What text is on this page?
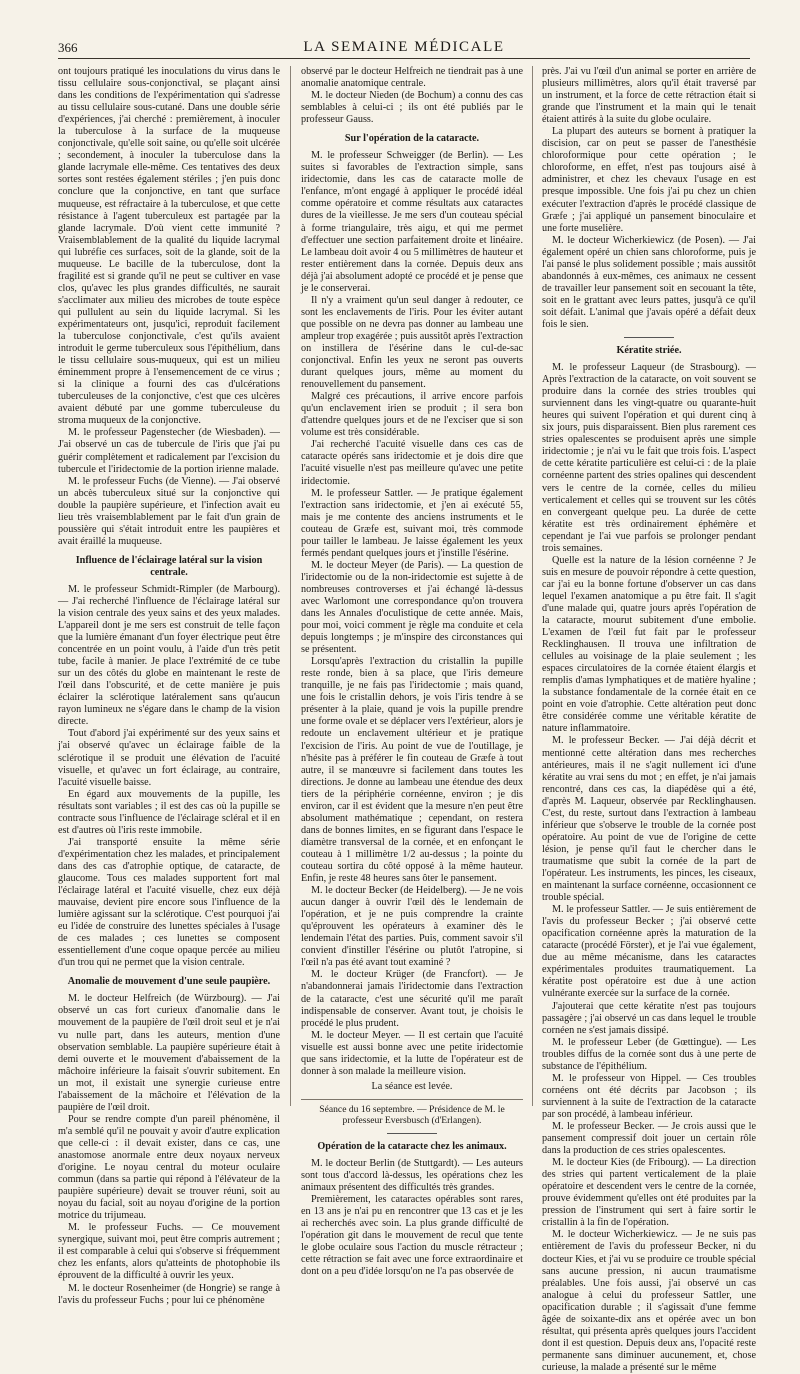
366	LA SEMAINE MÉDICALE

ont toujours pratiqué les inoculations du virus dans le tissu cellulaire sous-conjonctival, se plaçant ainsi dans les conditions de l'expérimentation qui s'adresse au tissu cellulaire sous-cutané. Dans une double série d'expériences, j'ai cherché : premièrement, à inoculer la tuberculose à la surface de la muqueuse conjonctivale, qu'elle soit saine, ou qu'elle soit ulcérée ; secondement, à inoculer la tuberculose dans la glande lacrymale elle-même. Ces tentatives des deux sortes sont restées également stériles ; j'en puis donc conclure que la conjonctive, en tant que surface muqueuse, est réfractaire à la tuberculose, et que cette résistance à l'agent tuberculeux est partagée par la glande lacrymale. D'où vient cette immunité ? Vraisemblablement de la qualité du liquide lacrymal qui lubréfie ces surfaces, soit de la glande, soit de la muqueuse. Le bacille de la tuberculose, dont la fragilité est si grande qu'il ne peut se cultiver en vase clos, qu'avec les plus grandes difficultés, ne saurait s'acclimater aux milieu des microbes de toute espèce qui pullulent au sein du liquide lacrymal. Si les expérimentateurs ont, jusqu'ici, reproduit facilement la tuberculose conjonctivale, c'est qu'ils avaient introduit le germe tuberculeux sous l'épithélium, dans le tissu cellulaire sous-muqueux, qui est un milieu éminemment propre à l'ensemencement de ce virus ; si la clinique a fourni des cas d'ulcérations tuberculeuses de la conjonctive, c'est que ces ulcères avaient débuté par une gomme tuberculeuse du stroma muqueux de la conjonctive.

M. le professeur Pagenstecher (de Wiesbaden). — J'ai observé un cas de tubercule de l'iris que j'ai pu guérir complètement et radicalement par l'excision du tubercule et l'iridectomie de la portion irienne malade.

M. le professeur Fuchs (de Vienne). — J'ai observé un abcès tuberculeux situé sur la conjonctive qui double la paupière supérieure, et l'infection avait eu lieu très vraisemblablement par le fait d'un grain de poussière qui s'était introduit entre les paupières et avait éraillé la muqueuse.

Influence de l'éclairage latéral sur la vision centrale.

M. le professeur Schmidt-Rimpler (de Marbourg). — J'ai recherché l'influence de l'éclairage latéral sur la vision centrale des yeux sains et des yeux malades. L'appareil dont je me sers est construit de telle façon que la lumière émanant d'un foyer électrique peut être concentrée en un point voulu, à l'aide d'un très petit tube, facile à manier. Je place l'extrémité de ce tube sur un des côtés du globe en maintenant le reste de l'œil dans l'obscurité, et de cette manière je puis éclairer la sclérotique latéralement sans qu'aucun rayon lumineux ne s'égare dans le champ de la vision directe.

Tout d'abord j'ai expérimenté sur des yeux sains et j'ai observé qu'avec un éclairage faible de la sclérotique il se produit une élévation de l'acuité visuelle, et qu'avec un fort éclairage, au contraire, l'acuité visuelle baisse.

En égard aux mouvements de la pupille, les résultats sont variables ; il est des cas où la pupille se contracte sous l'influence de l'éclairage scléral et il en est d'autres où l'iris reste immobile.

J'ai transporté ensuite la même série d'expérimentation chez les malades, et principalement dans des cas d'atrophie optique, de cataracte, de glaucome. Tous ces malades supportent fort mal l'éclairage latéral et l'acuité visuelle, chez eux déjà mauvaise, devient pire encore sous l'influence de la lumière agissant sur la sclérotique. C'est pourquoi j'ai eu l'idée de construire des lunettes spéciales à l'usage de ces malades ; ces lunettes se composent essentiellement d'une coque opaque percée au milieu d'un trou qui ne permet que la vision centrale.

Anomalie de mouvement d'une seule paupière.

M. le docteur Helfreich (de Würzbourg). — J'ai observé un cas fort curieux d'anomalie dans le mouvement de la paupière de l'œil droit seul et je n'ai vu nulle part, dans les auteurs, mention d'une observation semblable. La paupière supérieure était à demi ouverte et le mouvement d'abaissement de la mâchoire inférieure la faisait s'ouvrir subitement. En un mot, il existait une synergie curieuse entre l'abaissement de la mâchoire et l'élévation de la paupière de l'œil droit.

Pour se rendre compte d'un pareil phénomène, il m'a semblé qu'il ne pouvait y avoir d'autre explication que celle-ci : il devait exister, dans ce cas, une anastomose anormale entre deux noyaux nerveux d'origine. Le noyau central du moteur oculaire commun (dans sa partie qui répond à l'élévateur de la paupière supérieure) devait se trouver réuni, soit au noyau du facial, soit au noyau d'origine de la portion motrice du trijumeau.

M. le professeur Fuchs. — Ce mouvement synergique, suivant moi, peut être compris autrement ; il est comparable à celui qui s'observe si fréquemment chez les enfants, alors qu'atteints de photophobie ils éprouvent de la difficulté à ouvrir les yeux.

M. le docteur Rosenheimer (de Hongrie) se range à l'avis du professeur Fuchs ; pour lui ce phénomène

observé par le docteur Helfreich ne tiendrait pas à une anomalie anatomique centrale.

M. le docteur Nieden (de Bochum) a connu des cas semblables à celui-ci ; ils ont été publiés par le professeur Gauss.

Sur l'opération de la cataracte.

M. le professeur Schweigger (de Berlin). — Les suites si favorables de l'extraction simple, sans iridectomie, dans les cas de cataracte molle de l'enfance, m'ont engagé à appliquer le procédé idéal comme opératoire et comme résultats aux cataractes dures de la vieillesse. Je me sers d'un couteau spécial à forme triangulaire, très aigu, et qui me permet d'effectuer une section parfaitement droite et linéaire. Le lambeau doit avoir 4 ou 5 millimètres de hauteur et rester entièrement dans la cornée. Depuis deux ans déjà j'ai absolument adopté ce procédé et je pense que je le conserverai.

Il n'y a vraiment qu'un seul danger à redouter, ce sont les enclavements de l'iris. Pour les éviter autant que possible on ne devra pas donner au lambeau une ampleur trop exagérée ; puis aussitôt après l'extraction on instillera de l'ésérine dans le cul-de-sac conjonctival. Enfin les yeux ne seront pas ouverts durant quelques jours, même au moment du renouvellement du pansement.

Malgré ces précautions, il arrive encore parfois qu'un enclavement irien se produit ; il sera bon d'attendre quelques jours et de ne l'exciser que si son volume est très considérable.

J'ai recherché l'acuité visuelle dans ces cas de cataracte opérés sans iridectomie et je dois dire que l'acuité visuelle n'est pas meilleure qu'avec une petite iridectomie.

M. le professeur Sattler. — Je pratique également l'extraction sans iridectomie, et j'en ai exécuté 55, mais je me contente des anciens instruments et le couteau de Græfe est, suivant moi, très commode pour tailler le lambeau. Je laisse également les yeux fermés pendant quelques jours et j'instille l'ésérine.

M. le docteur Meyer (de Paris). — La question de l'iridectomie ou de la non-iridectomie est sujette à de nombreuses controverses et j'ai échangé là-dessus avec Warlomont une correspondance qu'on trouvera dans les Annales d'oculistique de cette année. Mais, pour moi, voici comment je règle ma conduite et cela depuis longtemps ; je m'inspire des circonstances qui se présentent.

Lorsqu'après l'extraction du cristallin la pupille reste ronde, bien à sa place, que l'iris demeure tranquille, je ne fais pas l'iridectomie ; mais quand, une fois le cristallin dehors, je vois l'iris tendre à se présenter à la plaie, quand je vois la pupille prendre une forme ovale et se déplacer vers l'extérieur, alors je redoute un enclavement ultérieur et je pratique l'excision de l'iris. Au point de vue de l'outillage, je n'hésite pas à préférer le fin couteau de Græfe à tout autre, il se manœuvre si facilement dans toutes les directions. Je donne au lambeau une étendue des deux tiers de la périphérie cornéenne, environ ; je dis environ, car il est évident que la mesure n'en peut être absolument mathématique ; cependant, on restera dans de bonnes limites, en se figurant dans l'espace le diamètre transversal de la cornée, et en enfonçant le couteau à 1 millimètre 1/2 au-dessus ; la pointe du couteau sortira du côté opposé à la même hauteur. Enfin, je reste 48 heures sans ôter le pansement.

M. le docteur Becker (de Heidelberg). — Je ne vois aucun danger à ouvrir l'œil dès le lendemain de l'opération, et je ne puis comprendre la crainte qu'éprouvent les opérateurs à examiner dès le lendemain l'état des parties. Puis, comment savoir s'il convient d'instiller l'ésérine ou plutôt l'atropine, si l'œil n'a pas été avant tout examiné ?

M. le docteur Krüger (de Francfort). — Je n'abandonnerai jamais l'iridectomie dans l'extraction de la cataracte, c'est une sécurité qu'il me paraît indispensable de conserver. Avant tout, je choisis le procédé le plus prudent.

M. le docteur Meyer. — Il est certain que l'acuité visuelle est aussi bonne avec une petite iridectomie que sans iridectomie, et la lutte de l'opérateur est de donner à son malade la meilleure vision.

La séance est levée.

Séance du 16 septembre. — Présidence de M. le professeur Eversbusch (d'Erlangen).
Opération de la cataracte chez les animaux.

M. le docteur Berlin (de Stuttgardt). — Les auteurs sont tous d'accord là-dessus, les opérations chez les animaux présentent des difficultés très grandes.

Premièrement, les cataractes opérables sont rares, en 13 ans je n'ai pu en rencontrer que 13 cas et je les ai recherchés avec soin. La plus grande difficulté de l'opération git dans le mouvement de recul que tente le globe oculaire sous l'action du muscle rétracteur ; cette rétraction se fait avec une force extraordinaire et dont on a peu d'idée lorsqu'on ne l'a pas observée de

près. J'ai vu l'œil d'un animal se porter en arrière de plusieurs millimètres, alors qu'il était traversé par un instrument, et la force de cette rétraction était si grande que l'instrument et la main qui le tenait étaient attirés à la suite du globe oculaire.

La plupart des auteurs se bornent à pratiquer la discision, car on peut se passer de l'anesthésie chloroformique pour cette opération ; le chloroforme, en effet, n'est pas toujours aisé à administrer, et chez les chevaux l'usage en est presque impossible. Une fois j'ai pu chez un chien exécuter l'extraction d'après le procédé classique de Græfe ; j'ai appliqué un pansement binoculaire et une forte muselière.

M. le docteur Wicherkiewicz (de Posen). — J'ai également opéré un chien sans chloroforme, puis je l'ai pansé le plus solidement possible ; mais aussitôt abandonnés à eux-mêmes, ces animaux ne cessent de travailler leur pansement soit en secouant la tête, soit en le grattant avec leurs pattes, jusqu'à ce qu'il soit défait. L'animal que j'avais opéré a défait deux fois le sien.

Kératite striée.

M. le professeur Laqueur (de Strasbourg). — Après l'extraction de la cataracte, on voit souvent se produire dans la cornée des stries troubles qui surviennent dans les vingt-quatre ou quarante-huit heures qui suivent l'opération et qui durent cinq à six jours, puis disparaissent. Bien plus rarement ces stries opalescentes se produisent après une simple iridectomie ; je n'ai vu le fait que trois fois. L'aspect de cette kératite particulière est celui-ci : de la plaie cornéenne partent des stries opalines qui descendent vers le centre de la cornée, celles du milieu verticalement et celles qui se trouvent sur les côtés en convergeant quelque peu. La durée de cette kératite est très ordinairement éphémère et cependant je l'ai vue parfois se prolonger pendant trois semaines.

Quelle est la nature de la lésion cornéenne ? Je suis en mesure de pouvoir répondre à cette question, car j'ai eu la bonne fortune d'observer un cas dans lequel l'examen anatomique a pu être fait. Il s'agit d'une malade qui, quatre jours après l'opération de la cataracte, mourut subitement d'une embolie. L'examen de l'œil fut fait par le professeur Recklinghausen. Il trouva une infiltration de cellules au voisinage de la plaie seulement ; les espaces circulatoires de la cornée étaient élargis et remplis d'amas lymphatiques et de matière hyaline ; la substance fondamentale de la cornée était en ce point en voie d'atrophie. Cette altération peut donc être considérée comme une véritable kératite de nature inflammatoire.

M. le professeur Becker. — J'ai déjà décrit et mentionné cette altération dans mes recherches antérieures, mais il ne s'agit nullement ici d'une kératite au vrai sens du mot ; en effet, je n'ai jamais rencontré, dans ces cas, la diapédèse qui a été, d'après M. Laqueur, observée par Recklinghausen. C'est, du reste, surtout dans l'extraction à lambeau inférieur que s'observe le trouble de la cornée post opératoire. Au point de vue de l'origine de cette lésion, je pense qu'il faut le chercher dans le traumatisme que subit la cornée de la part de l'opérateur. Les instruments, les pinces, les ciseaux, en maintenant la surface cornéenne, occasionnent ce trouble spécial.

M. le professeur Sattler. — Je suis entièrement de l'avis du professeur Becker ; j'ai observé cette opacification cornéenne après la maturation de la cataracte (procédé Förster), et je l'ai vue également, due au même mécanisme, dans les cataractes expérimentales produites traumatiquement. La kératite post opératoire est due à une action vulnérante exercée sur la surface de la cornée.

J'ajouterai que cette kératite n'est pas toujours passagère ; j'ai observé un cas dans lequel le trouble cornéen ne s'est jamais dissipé.

M. le professeur Leber (de Gœttingue). — Les troubles diffus de la cornée sont dus à une perte de substance de l'épithélium.

M. le professeur von Hippel. — Ces troubles cornéens ont été décrits par Jacobson ; ils surviennent à la suite de l'extraction de la cataracte par son procédé, à lambeau inférieur.

M. le professeur Becker. — Je crois aussi que le pansement compressif doit jouer un certain rôle dans la production de ces stries opalescentes.

M. le docteur Kies (de Fribourg). — La direction des stries qui partent verticalement de la plaie opératoire et descendent vers le centre de la cornée, prouve évidemment qu'elles ont été produites par la pression de l'instrument qui sert à faire sortir le cristallin à la fin de l'opération.

M. le docteur Wicherkiewicz. — Je ne suis pas entièrement de l'avis du professeur Becker, ni du docteur Kies, et j'ai vu se produire ce trouble spécial sans aucune pression, ni aucun traumatisme préalables. Une fois aussi, j'ai observé un cas analogue à celui du professeur Sattler, une opacification durable ; il s'agissait d'une femme âgée de soixante-dix ans et opérée avec un bon résultat, qui présenta après quelques jours l'accident dont il est question. Depuis deux ans, l'opacité reste permanente sans diminuer aucunement, et, chose curieuse, la malade a présenté sur le même
